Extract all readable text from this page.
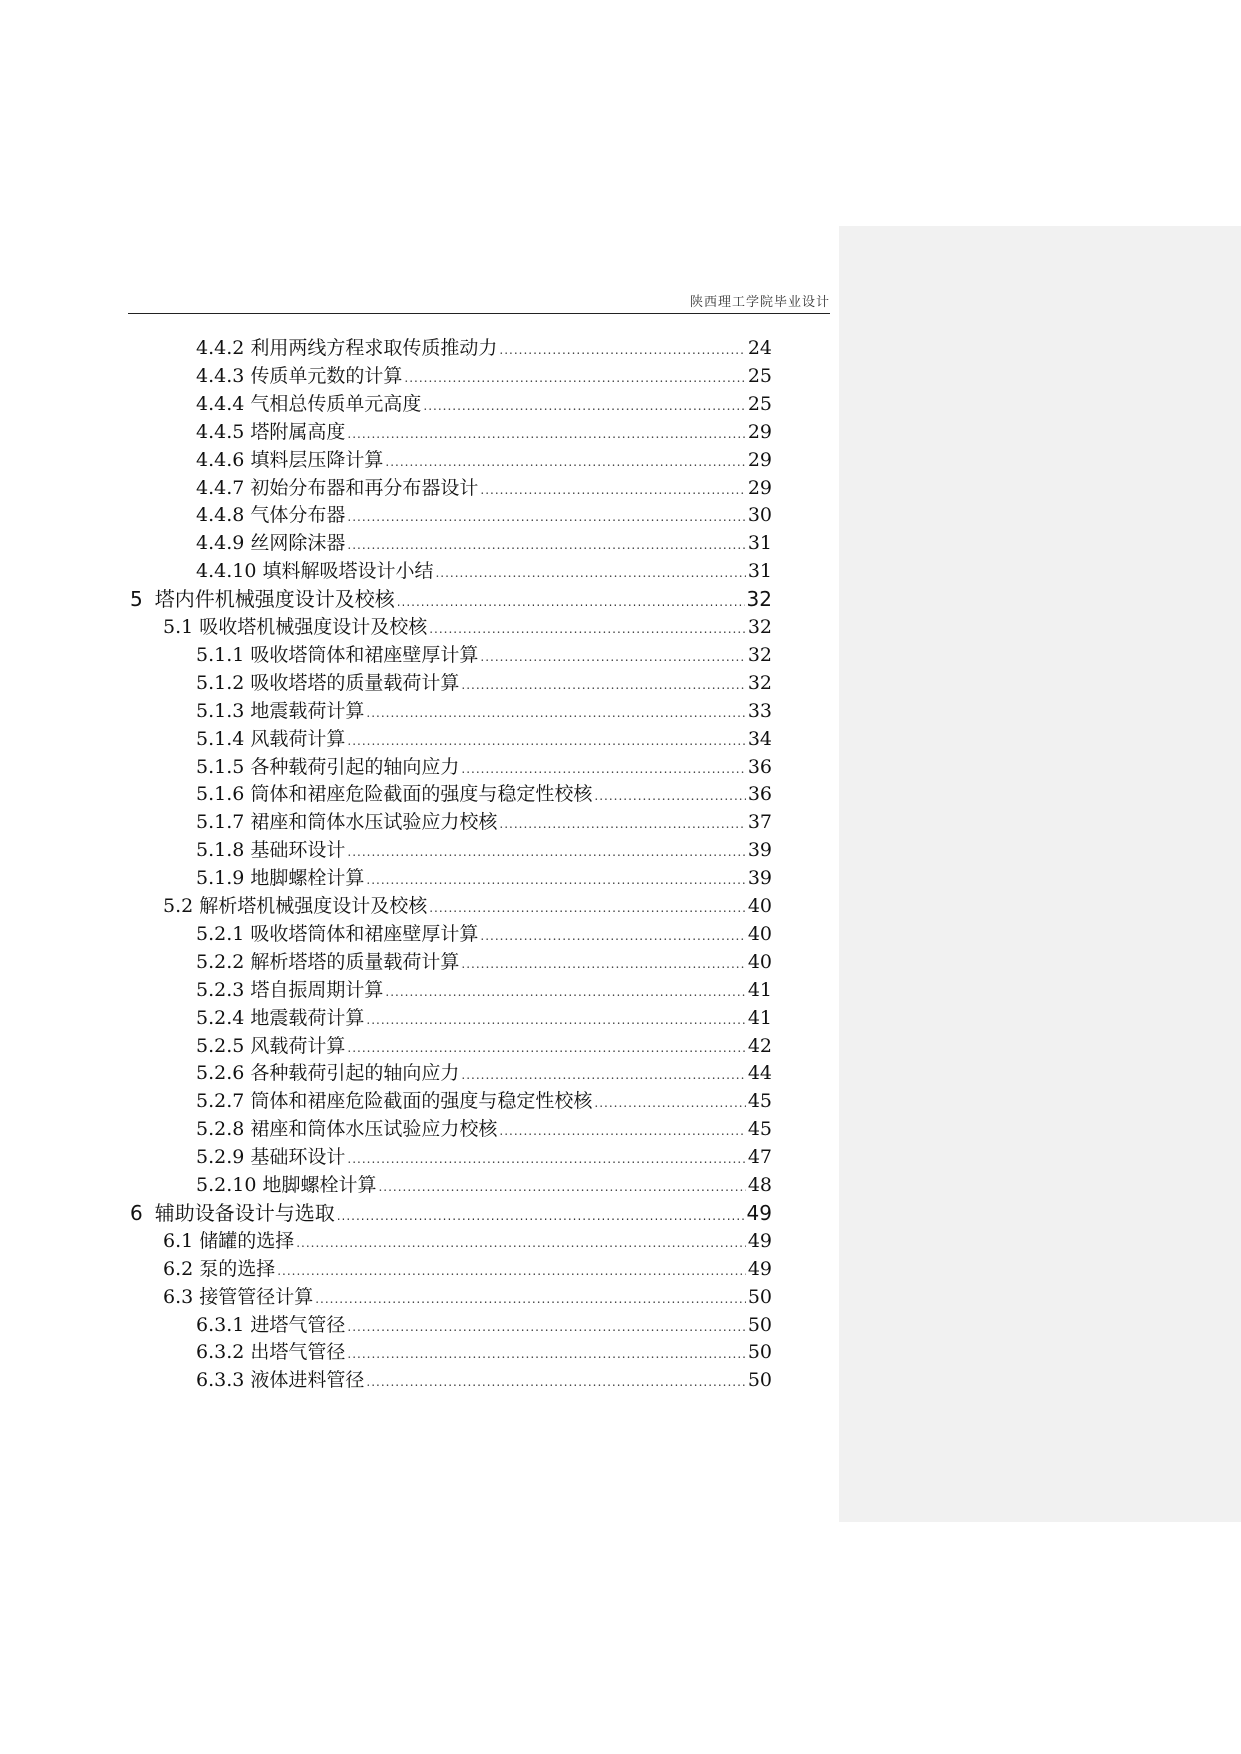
陕西理工学院毕业设计
4.4.2 利用两线方程求取传质推动力 .....	24
4.4.3 传质单元数的计算 .....	25
4.4.4 气相总传质单元高度 .....	25
4.4.5 塔附属高度 .....	29
4.4.6 填料层压降计算 .....	29
4.4.7 初始分布器和再分布器设计 .....	29
4.4.8 气体分布器 .....	30
4.4.9 丝网除沫器 .....	31
4.4.10 填料解吸塔设计小结 .....	31
5 塔内件机械强度设计及校核 .....	32
5.1 吸收塔机械强度设计及校核 .....	32
5.1.1 吸收塔筒体和裙座壁厚计算 .....	32
5.1.2 吸收塔塔的质量载荷计算 .....	32
5.1.3 地震载荷计算 .....	33
5.1.4 风载荷计算 .....	34
5.1.5 各种载荷引起的轴向应力 .....	36
5.1.6 筒体和裙座危险截面的强度与稳定性校核 .....	36
5.1.7 裙座和筒体水压试验应力校核 .....	37
5.1.8 基础环设计 .....	39
5.1.9 地脚螺栓计算 .....	39
5.2 解析塔机械强度设计及校核 .....	40
5.2.1 吸收塔筒体和裙座壁厚计算 .....	40
5.2.2 解析塔塔的质量载荷计算 .....	40
5.2.3 塔自振周期计算 .....	41
5.2.4 地震载荷计算 .....	41
5.2.5 风载荷计算 .....	42
5.2.6 各种载荷引起的轴向应力 .....	44
5.2.7 筒体和裙座危险截面的强度与稳定性校核 .....	45
5.2.8 裙座和筒体水压试验应力校核 .....	45
5.2.9 基础环设计 .....	47
5.2.10 地脚螺栓计算 .....	48
6 辅助设备设计与选取 .....	49
6.1 储罐的选择 .....	49
6.2 泵的选择 .....	49
6.3 接管管径计算 .....	50
6.3.1 进塔气管径 .....	50
6.3.2 出塔气管径 .....	50
6.3.3 液体进料管径 .....	50
